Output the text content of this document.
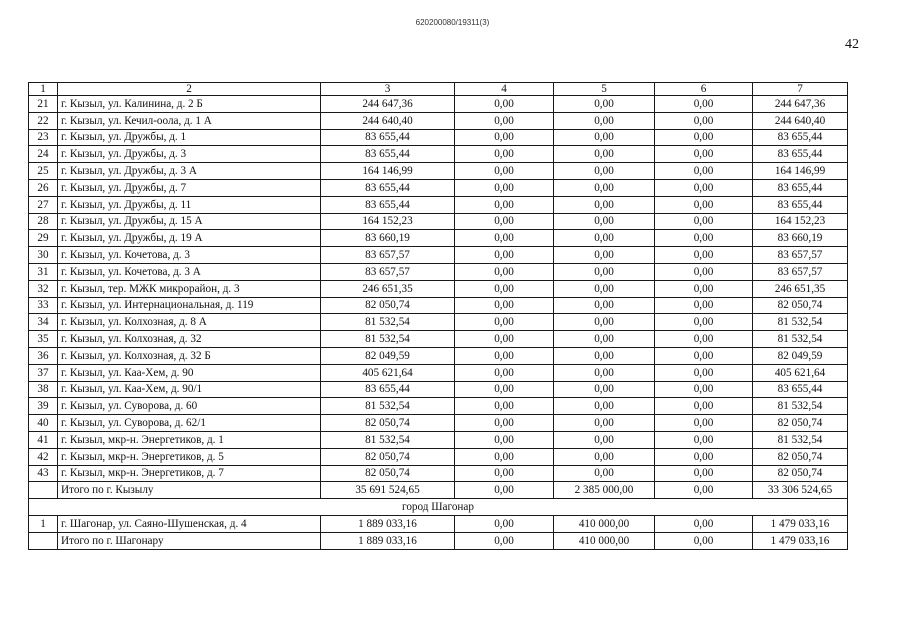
620200080/19311(3)
42
1	2	3	4	5	6	7
21	г. Кызыл, ул. Калинина, д. 2 Б	244 647,36	0,00	0,00	0,00	244 647,36
22	г. Кызыл, ул. Кечил-оола, д. 1 А	244 640,40	0,00	0,00	0,00	244 640,40
23	г. Кызыл, ул. Дружбы, д. 1	83 655,44	0,00	0,00	0,00	83 655,44
24	г. Кызыл, ул. Дружбы, д. 3	83 655,44	0,00	0,00	0,00	83 655,44
25	г. Кызыл, ул. Дружбы, д. 3 А	164 146,99	0,00	0,00	0,00	164 146,99
26	г. Кызыл, ул. Дружбы, д. 7	83 655,44	0,00	0,00	0,00	83 655,44
27	г. Кызыл, ул. Дружбы, д. 11	83 655,44	0,00	0,00	0,00	83 655,44
28	г. Кызыл, ул. Дружбы, д. 15 А	164 152,23	0,00	0,00	0,00	164 152,23
29	г. Кызыл, ул. Дружбы, д. 19 А	83 660,19	0,00	0,00	0,00	83 660,19
30	г. Кызыл, ул. Кочетова, д. 3	83 657,57	0,00	0,00	0,00	83 657,57
31	г. Кызыл, ул. Кочетова, д. 3 А	83 657,57	0,00	0,00	0,00	83 657,57
32	г. Кызыл, тер. МЖК микрорайон, д. 3	246 651,35	0,00	0,00	0,00	246 651,35
33	г. Кызыл, ул. Интернациональная, д. 119	82 050,74	0,00	0,00	0,00	82 050,74
34	г. Кызыл, ул. Колхозная, д. 8 А	81 532,54	0,00	0,00	0,00	81 532,54
35	г. Кызыл, ул. Колхозная, д. 32	81 532,54	0,00	0,00	0,00	81 532,54
36	г. Кызыл, ул. Колхозная, д. 32 Б	82 049,59	0,00	0,00	0,00	82 049,59
37	г. Кызыл, ул. Каа-Хем, д. 90	405 621,64	0,00	0,00	0,00	405 621,64
38	г. Кызыл, ул. Каа-Хем, д. 90/1	83 655,44	0,00	0,00	0,00	83 655,44
39	г. Кызыл, ул. Суворова, д. 60	81 532,54	0,00	0,00	0,00	81 532,54
40	г. Кызыл, ул. Суворова, д. 62/1	82 050,74	0,00	0,00	0,00	82 050,74
41	г. Кызыл, мкр-н. Энергетиков, д. 1	81 532,54	0,00	0,00	0,00	81 532,54
42	г. Кызыл, мкр-н. Энергетиков, д. 5	82 050,74	0,00	0,00	0,00	82 050,74
43	г. Кызыл, мкр-н. Энергетиков, д. 7	82 050,74	0,00	0,00	0,00	82 050,74
	Итого по г. Кызылу	35 691 524,65	0,00	2 385 000,00	0,00	33 306 524,65
город Шагонар						
1	г. Шагонар, ул. Саяно-Шушенская, д. 4	1 889 033,16	0,00	410 000,00	0,00	1 479 033,16
	Итого по г. Шагонару	1 889 033,16	0,00	410 000,00	0,00	1 479 033,16
